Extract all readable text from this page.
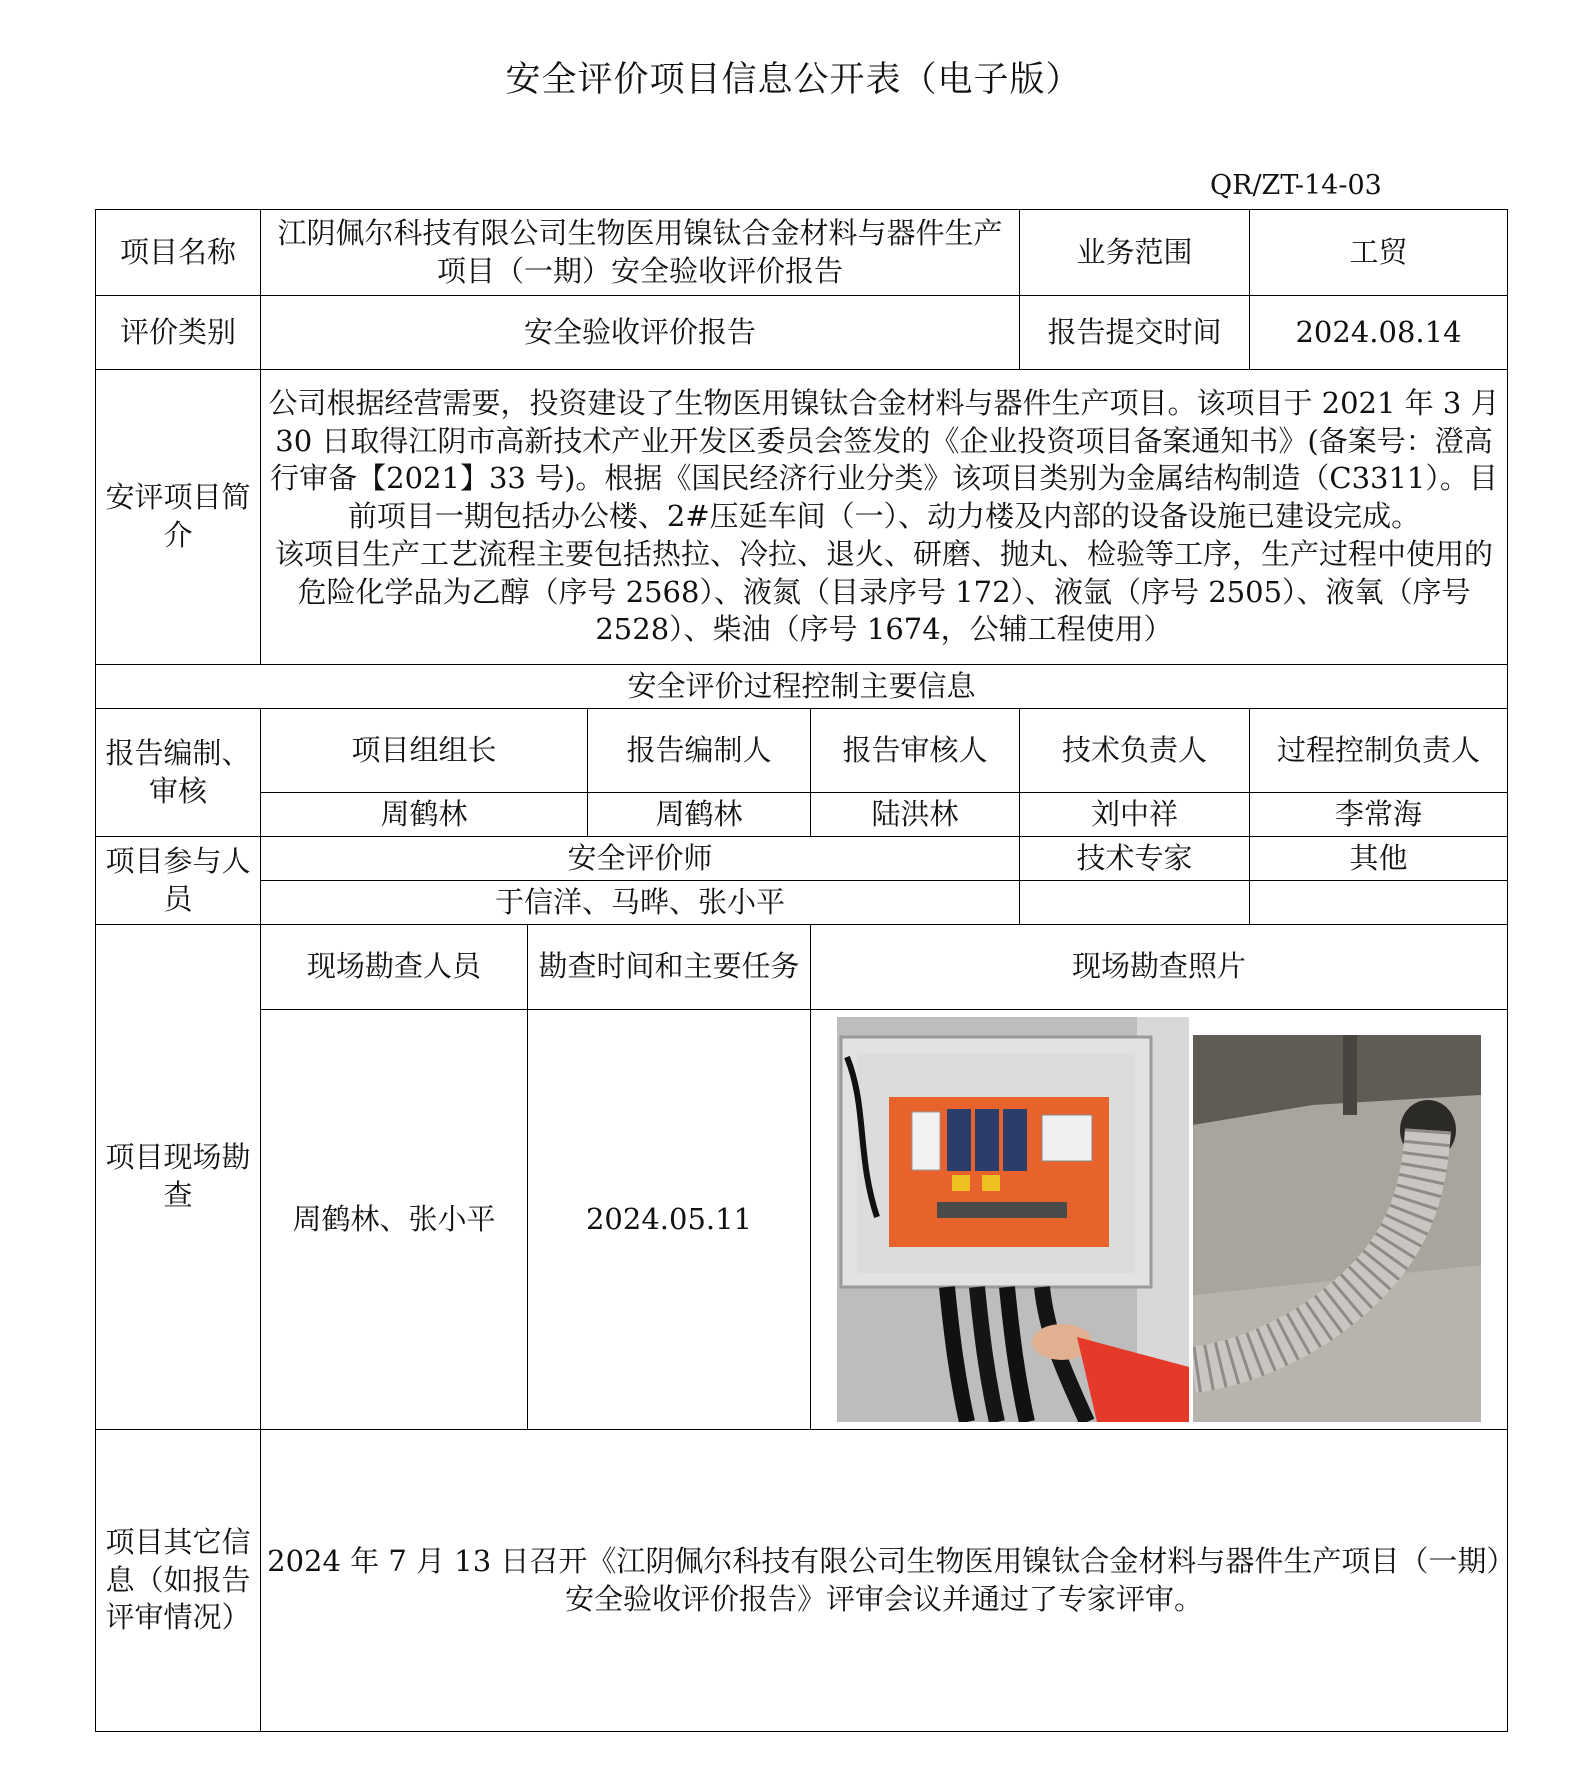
安全评价项目信息公开表（电子版）
QR/ZT-14-03
项目名称	江阴佩尔科技有限公司生物医用镍钛合金材料与器件生产项目（一期）安全验收评价报告				业务范围	工贸
评价类别	安全验收评价报告				报告提交时间	2024.08.14
安评项目简介	公司根据经营需要，投资建设了生物医用镍钛合金材料与器件生产项目。该项目于 2021 年 3 月 30 日取得江阴市高新技术产业开发区委员会签发的《企业投资项目备案通知书》(备案号：澄高行审备【2021】33 号)。根据《国民经济行业分类》该项目类别为金属结构制造（C3311）。目前项目一期包括办公楼、2#压延车间（一）、动力楼及内部的设备设施已建设完成。
该项目生产工艺流程主要包括热拉、冷拉、退火、研磨、抛丸、检验等工序，生产过程中使用的危险化学品为乙醇（序号 2568）、液氮（目录序号 172）、液氩（序号 2505）、液氧（序号 2528）、柴油（序号 1674，公辅工程使用）					

安全评价过程控制主要信息						
报告编制、审核	项目组组长		报告编制人	报告审核人	技术负责人	过程控制负责人
	周鹤林		周鹤林	陆洪林	刘中祥	李常海
项目参与人员	安全评价师				技术专家	其他
	于信洋、马晔、张小平					
项目现场勘查	现场勘查人员	勘查时间和主要任务		现场勘查照片		
	周鹤林、张小平	2024.05.11	

项目其它信息（如报告评审情况）	2024 年 7 月 13 日召开《江阴佩尔科技有限公司生物医用镍钛合金材料与器件生产项目（一期）安全验收评价报告》评审会议并通过了专家评审。					
